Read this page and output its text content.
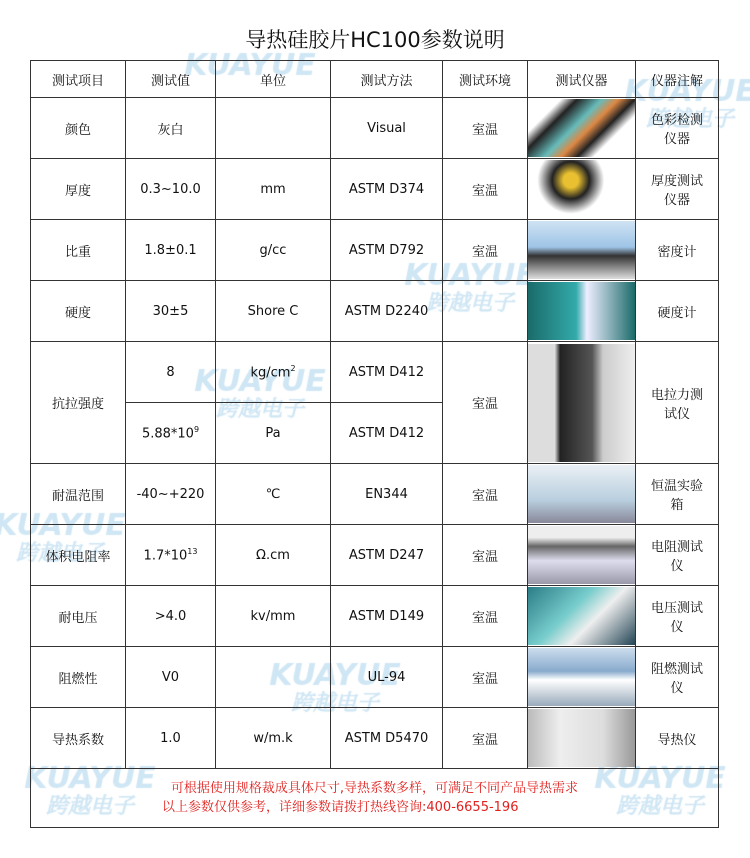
导热硅胶片HC100参数说明
测试项目	测试值	单位	测试方法	测试环境	测试仪器	仪器注解
颜色	灰白		Visual	室温		色彩检测仪器

厚度	0.3~10.0	mm	ASTM D374	室温		厚度测试仪器

比重	1.8±0.1	g/cc	ASTM D792	室温		密度计

硬度	30±5	Shore C	ASTM D2240			硬度计

抗拉强度	8	$kg/cm^2$	ASTM D412	室温		电拉力测试仪

	$5.88*10^9$	Pa	ASTM D412			
耐温范围	-40~+220	℃	EN344	室温		恒温实验箱

体积电阻率	$1.7*10^{13}$	Ω.cm	ASTM D247	室温		电阻测试仪

耐电压	>4.0	kv/mm	ASTM D149	室温		电压测试仪

阻燃性	V0		UL-94	室温		阻燃测试仪

导热系数	1.0	w/m.k	ASTM D5470	室温		导热仪

可根据使用规格裁成具体尺寸,导热系数多样，可满足不同产品导热需求
以上参数仅供参考，详细参数请拨打热线咨询:400-6655-196						
